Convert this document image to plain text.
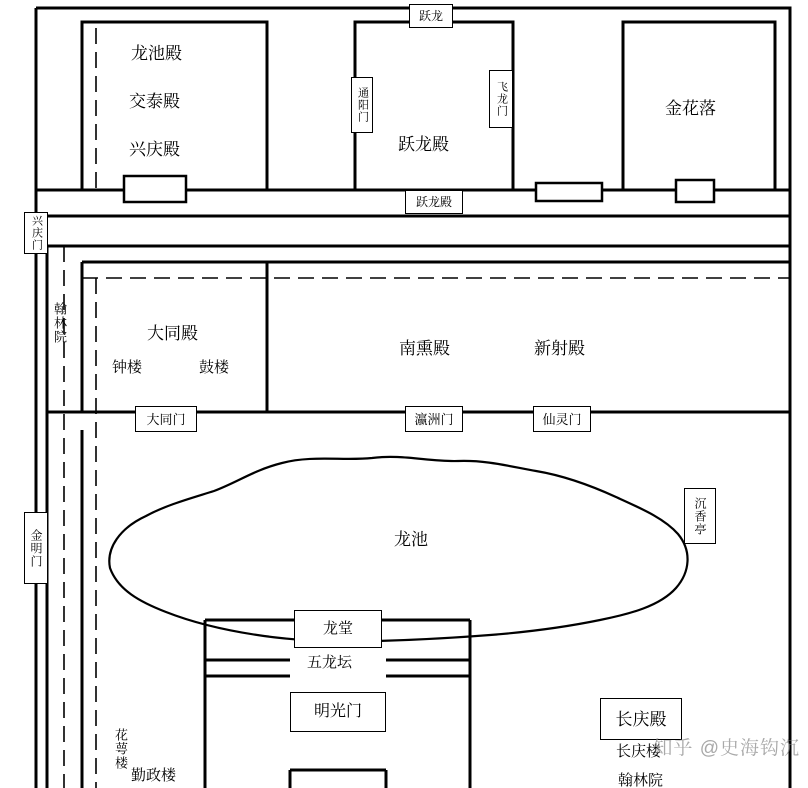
龙池殿
交泰殿
兴庆殿	跃龙殿
金花落
大同殿
南熏殿	新射殿
龙池
钟楼	鼓楼
五龙坛
勤政楼
跃龙
跃龙殿
大同门	瀛洲门	仙灵门
沉香亭
龙堂
明光门	长庆殿
通阳门	飞龙门
兴庆门
金明门
翰林院
花萼楼	长庆楼
翰林院
知乎 @史海钩沉
